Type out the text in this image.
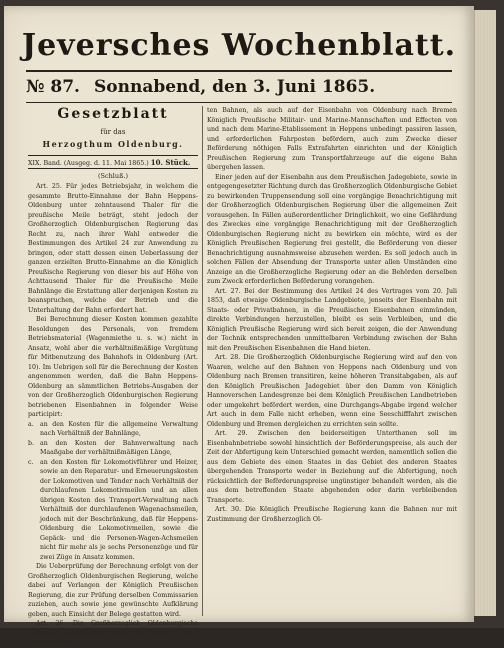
Jeversches Wochenblatt.
№ 87. Sonnabend, den 3. Juni 1865.
Gesetzblatt
für das
Herzogthum Oldenburg.
XIX. Band. (Ausgeg. d. 11. Mai 1865.) 10. Stück.
(Schluß.)

Art. 25. Für jedes Betriebsjahr, in welchem die gesammte Brutto-Einnahme der Bahn Heppens-Oldenburg unter zehntausend Thaler für die preußische Meile beträgt, steht jedoch der Großherzoglich Oldenburgischen Regierung das Recht zu, nach ihrer Wahl entweder die Bestimmungen des Artikel 24 zur Anwendung zu bringen, oder statt dessen einen Ueberlassung der ganzen erzielten Brutto-Einnahme an die Königlich Preußische Regierung von dieser bis auf Höhe von Achttausend Thaler für die Preußische Meile Bahnlänge die Erstattung aller derjenigen Kosten zu beanspruchen, welche der Betrieb und die Unterhaltung der Bahn erfordert hat.

Bei Berechnung dieser Kosten kommen gezahlte Besoldungen des Personals, von fremdem Betriebsmaterial (Wagenmiethe u. s. w.) nicht in Ansatz, wohl aber die verhältnißmäßige Vergütung für Mitbenutzung des Bahnhofs in Oldenburg (Art. 10). Im Uebrigen soll für die Berechnung der Kosten angenommen werden, daß die Bahn Heppens-Oldenburg an sämmtlichen Betriebs-Ausgaben der von der Großherzoglich Oldenburgischen Regierung betriebenen Eisenbahnen in folgender Weise participirt:

a.	an den Kosten für die allgemeine Verwaltung nach Verhältniß der Bahnlänge,
b. an den Kosten der Bahnverwaltung nach Maaßgabe der verhältnißmäßigen Länge,
c.	an den Kosten für Lokomotivführer und Heizer, sowie an den Reparatur- und Erneuerungskosten der Lokomotiven und Tender nach Verhältniß der durchlaufenen Lokomotivmeilen und an allen übrigen Kosten des Transport-Verwaltung nach Verhältniß der durchlaufenen Wagenachsmeilen, jedoch mit der Beschränkung, daß für Heppens-Oldenburg die Lokomotivmeilen, sowie die Gepäck- und die Personen-Wagen-Achsmeilen nicht für mehr als je sechs Personenzüge und für zwei Züge in Ansatz kommen.

Die Ueberprüfung der Berechnung erfolgt von der Großherzoglich Oldenburgischen Regierung, welche dabei auf Verlangen der Königlich Preußischen Regierung, die zur Prüfung derselben Commissarien zuziehen, auch sowie jene gewünschte Aufklärung geben, auch Einsicht der Belege gestatten wird.

Art. 26. Die Großherzoglich Oldenburgische Regierung wird sowohl auf den im Artikel 5 und 6 bezeichneten

ten Bahnen, als auch auf der Eisenbahn von Oldenburg nach Bremen Königlich Preußische Militair- und Marine-Mannschaften und Effecten von und nach dem Marine-Etablissement in Heppens unbedingt passiren lassen, und erforderlichen Fahrposten befördern, auch zum Zwecke dieser Beförderung nöthigen Falls Extrafahrten einrichten und der Königlich Preußischen Regierung zum Transportfahrzeuge auf die eigene Bahn übergehen lassen.

Einer jeden auf der Eisenbahn aus dem Preußischen Jadegebiete, sowie in entgegengesetzter Richtung durch das Großherzoglich Oldenburgische Gebiet zu bewirkenden Truppensendung soll eine vorgängige Benachrichtigung mit der Großherzoglich Oldenburgischen Regierung über die allgemeinen Zeit vorausgehen. In Fällen außerordentlicher Dringlichkeit, wo eine Gefährdung des Zweckes eine vorgängige Benachrichtigung mit der Großherzoglich Oldenburgischen Regierung nicht zu bewirken ein möchte, wird es der Königlich Preußischen Regierung frei gestellt, die Beförderung von dieser Benachrichtigung ausnahmsweise abzusehen werden. Es soll jedoch auch in solchen Fällen der Absendung der Transporte unter allen Umständen eine Anzeige an die Großherzogliche Regierung oder an die Behörden derselben zum Zweck erforderlichen Beförderung vorangehen.

Art. 27. Bei der Bestimmung des Artikel 24 des Vertrages vom 20. Juli 1853, daß etwaige Oldenburgische Landgebiete, jenseits der Eisenbahn mit Staats- oder Privatbahnen, in die Preußischen Eisenbahnen einmünden, direkte Verbindungen herzustellen, bleibt es sein Verbleiben, und die Königlich Preußische Regierung wird sich bereit zeigen, die der Anwendung der Technik entsprechenden unmittelbaren Verbindung zwischen der Bahn mit den Preußischen Eisenbahnen die Hand bieten.

Art. 28. Die Großherzoglich Oldenburgische Regierung wird auf den von Waaren, welche auf den Bahnen von Heppens nach Oldenburg und von Oldenburg nach Bremen transitiren, keine höheren Transitabgaben, als auf den Königlich Preußischen Jadegebiet über den Damm von Königlich Hannoverschen Landesgrenze bei dem Königlich Preußischen Landbetrieben oder umgekehrt befördert werden, eine Durchgangs-Abgabe irgend welcher Art auch in dem Falle nicht erheben, wenn eine Seeschifffahrt zwischen Oldenburg und Bremen dergleichen zu errichten sein sollte.

Art. 29. Zwischen den beiderseitigen Unterthanen soll im Eisenbahnbetriebe sowohl hinsichtlich der Beförderungspreise, als auch der Zeit der Abfertigung kein Unterschied gemacht werden, namentlich sollen die aus dem Gebiete des einen Staates in das Gebiet des anderen Staates übergehenden Transporte weder in Beziehung auf die Abfertigung, noch rücksichtlich der Beförderungspreise ungünstiger behandelt werden, als die aus dem betreffenden Staate abgehenden oder darin verbleibenden Transporte.

Art. 30. Die Königlich Preußische Regierung kann die Bahnen nur mit Zustimmung der Großherzoglich Ol-
